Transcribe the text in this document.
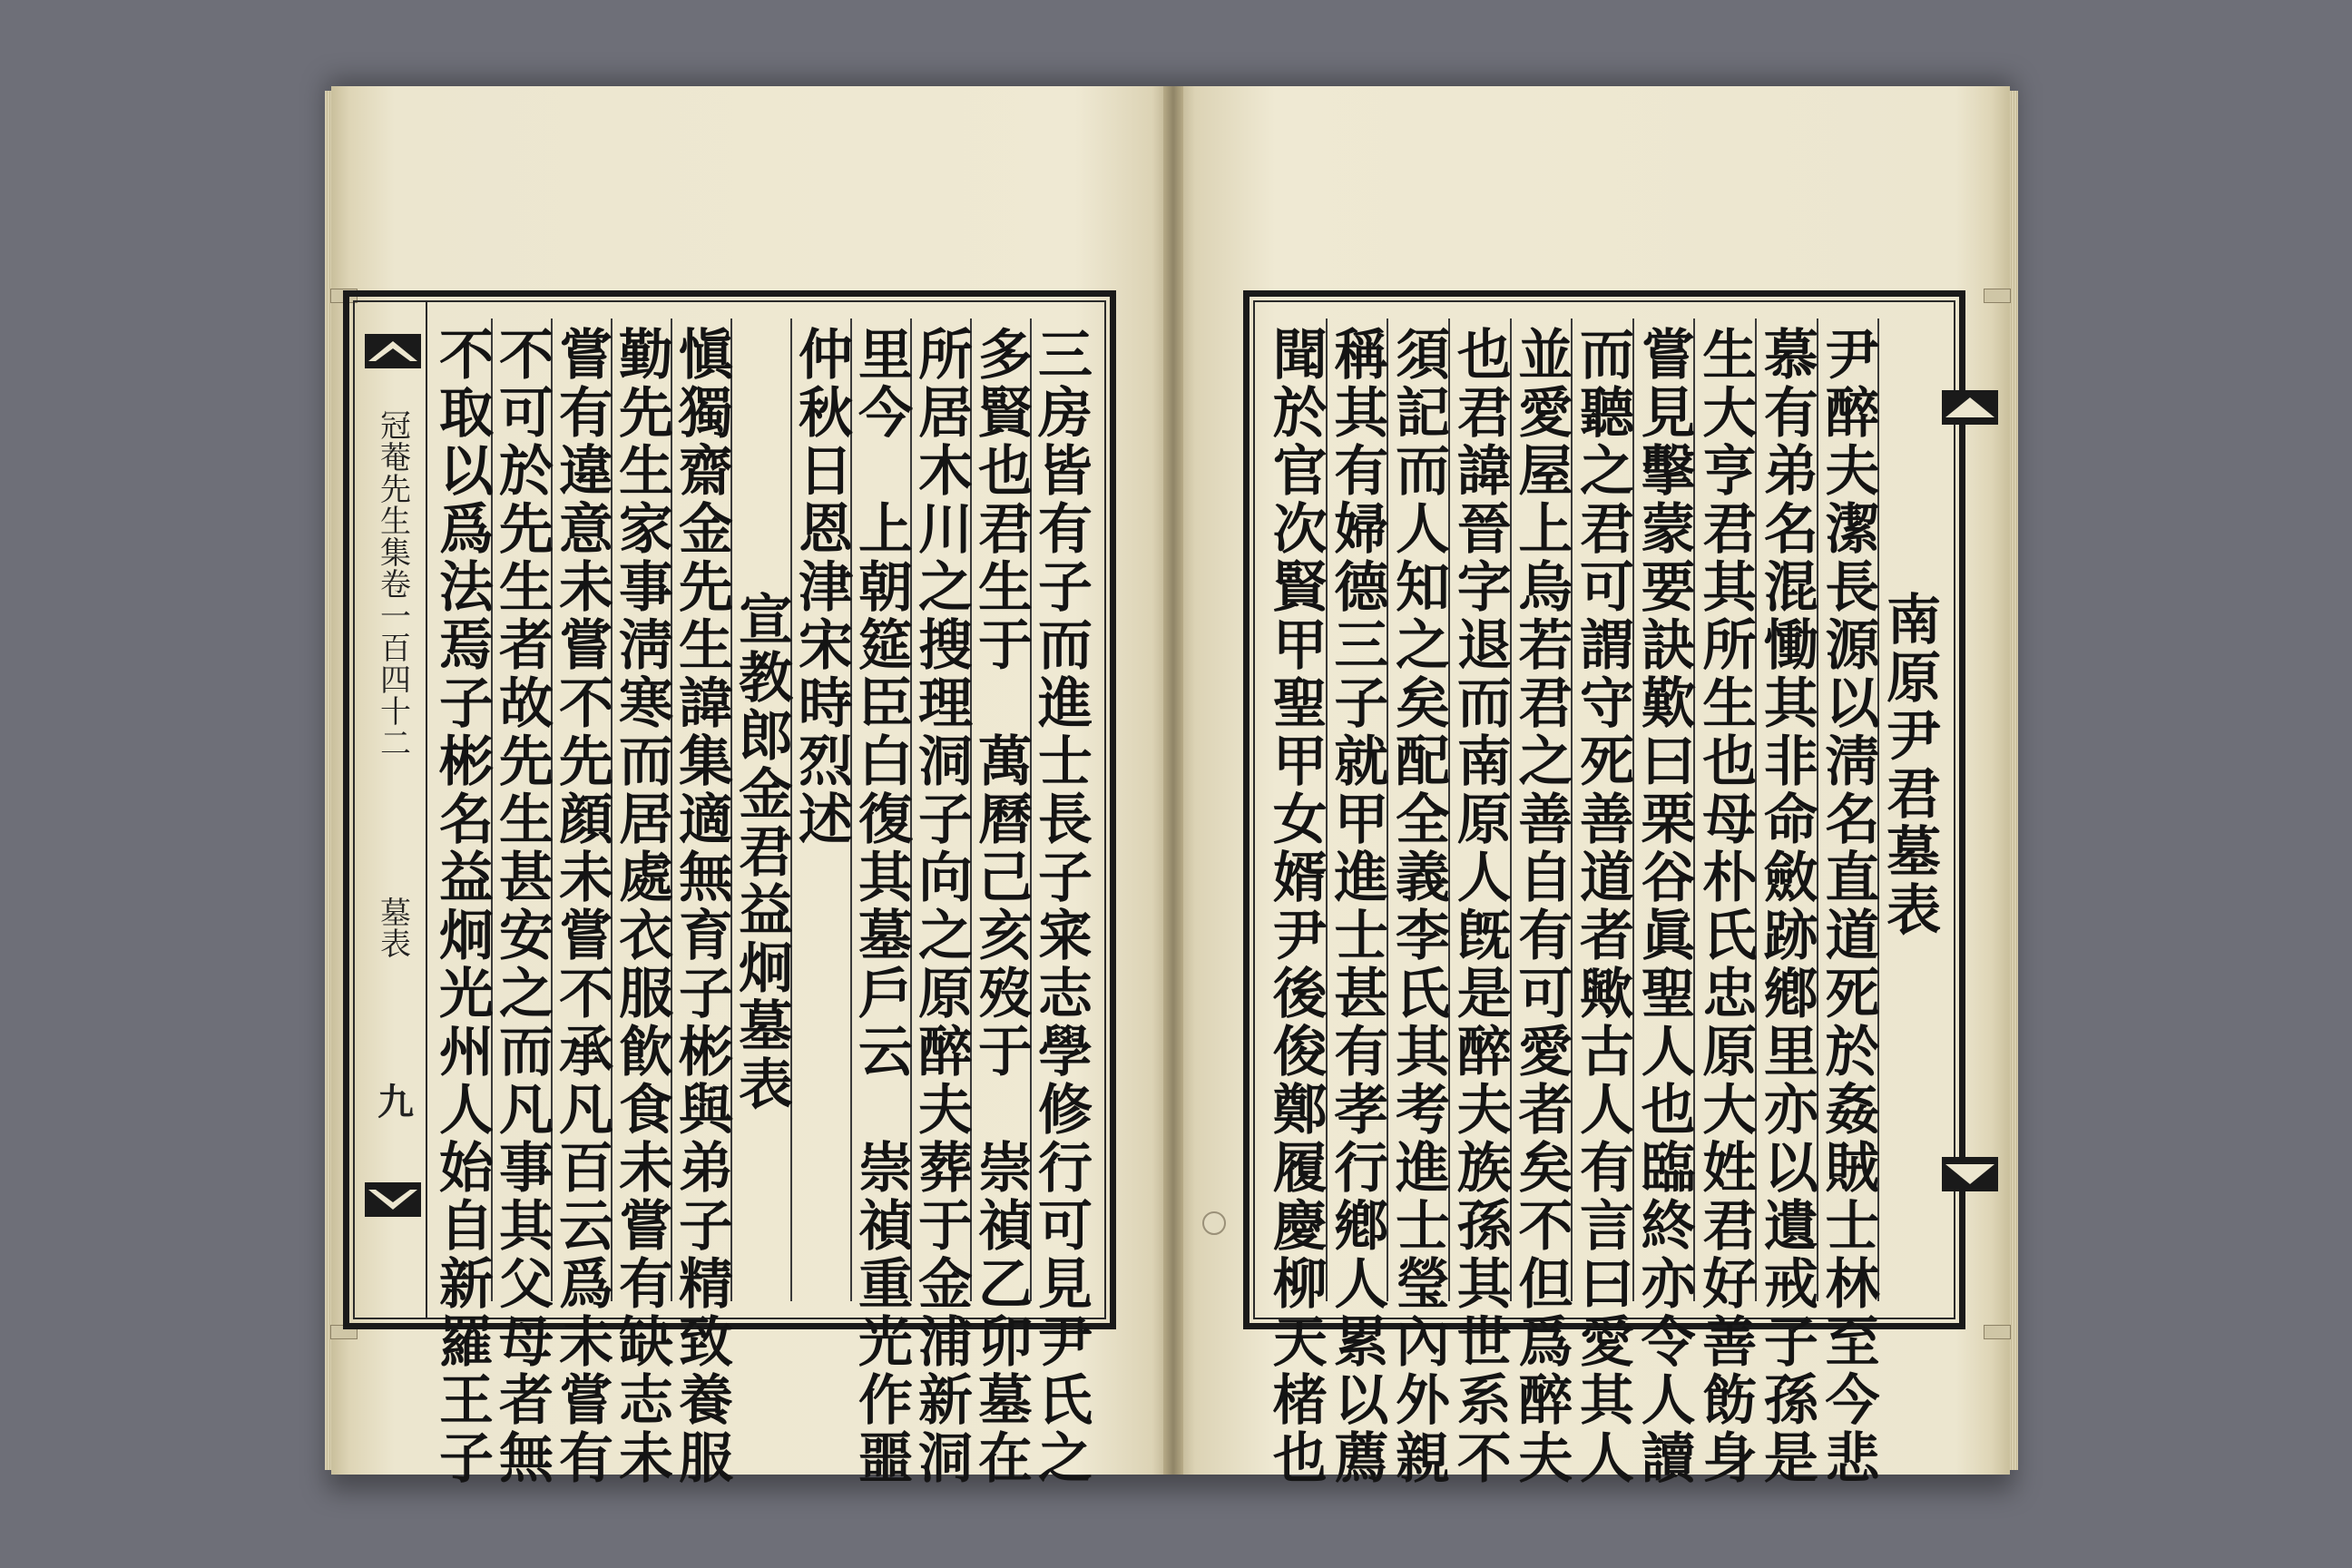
冠菴先生集卷一百四十二
墓表
九	三房皆有子而進士長子宷志學修行可見尹氏之
多賢也君生于　萬曆己亥歿于　崇禎乙卯墓在
所居木川之搜理洞子向之原醉夫葬于金浦新洞
里今　上朝筵臣白復其墓戶云　崇禎重光作噩
仲秋日恩津宋時烈述
宣教郎金君益炯墓表
愼獨齋金先生諱集適無育子彬與弟子精致養服
勤先生家事淸寒而居處衣服飮食未嘗有缺志未
嘗有違意未嘗不先顔未嘗不承凡百云爲未嘗有
不可於先生者故先生甚安之而凡事其父母者無
不取以爲法焉子彬名益炯光州人始自新羅王子	南原尹君墓表
尹醉夫潔長源以淸名直道死於姦賊士林至今悲
慕有弟名混慟其非命斂跡鄕里亦以遺戒子孫是
生大亨君其所生也母朴氏忠原大姓君好善飭身
嘗見擊蒙要訣歎曰栗谷眞聖人也臨終亦令人讀
而聽之君可謂守死善道者歟古人有言曰愛其人
並愛屋上烏若君之善自有可愛者矣不但爲醉夫
也君諱晉字退而南原人旣是醉夫族孫其世系不
須記而人知之矣配全義李氏其考進士瑩內外親
稱其有婦德三子就甲進士甚有孝行鄕人累以薦
聞於官次賢甲聖甲女婿尹後俊鄭履慶柳天楮也
